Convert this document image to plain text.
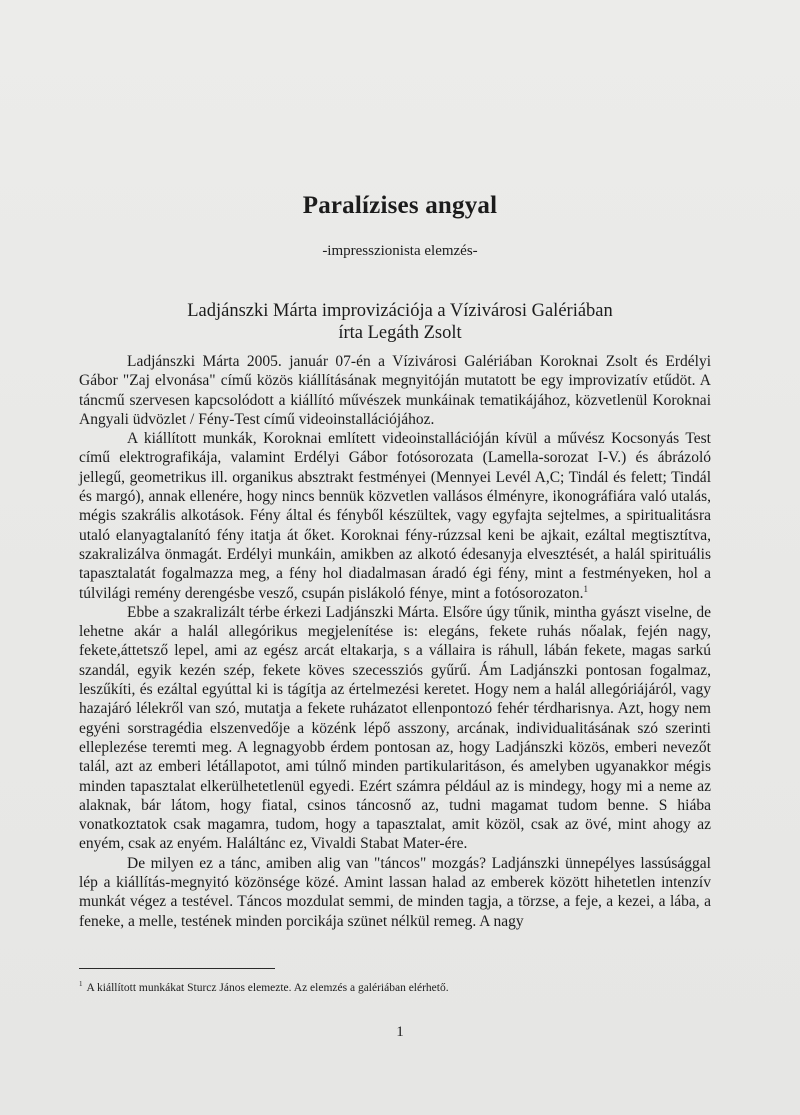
Paralízises angyal
-impresszionista elemzés-
Ladjánszki Márta improvizációja a Vízivárosi Galériában
írta Legáth Zsolt

Ladjánszki Márta 2005. január 07-én a Vízivárosi Galériában Koroknai Zsolt és Erdélyi Gábor "Zaj elvonása" című közös kiállításának megnyitóján mutatott be egy improvizatív etűdöt. A táncmű szervesen kapcsolódott a kiállító művészek munkáinak tematikájához, közvetlenül Koroknai Angyali üdvözlet / Fény-Test című videoinstallációjához.

A kiállított munkák, Koroknai említett videoinstallációján kívül a művész Kocsonyás Test című elektrografikája, valamint Erdélyi Gábor fotósorozata (Lamella-sorozat I-V.) és ábrázoló jellegű, geometrikus ill. organikus absztrakt festményei (Mennyei Levél A,C; Tindál és felett; Tindál és margó), annak ellenére, hogy nincs bennük közvetlen vallásos élményre, ikonográfiára való utalás, mégis szakrális alkotások. Fény által és fényből készültek, vagy egyfajta sejtelmes, a spiritualitásra utaló elanyagtalanító fény itatja át őket. Koroknai fény-rúzzsal keni be ajkait, ezáltal megtisztítva, szakralizálva önmagát. Erdélyi munkáin, amikben az alkotó édesanyja elvesztését, a halál spirituális tapasztalatát fogalmazza meg, a fény hol diadalmasan áradó égi fény, mint a festményeken, hol a túlvilági remény derengésbe vesző, csupán pislákoló fénye, mint a fotósorozaton.$^1$

Ebbe a szakralizált térbe érkezi Ladjánszki Márta. Elsőre úgy tűnik, mintha gyászt viselne, de lehetne akár a halál allegórikus megjelenítése is: elegáns, fekete ruhás nőalak, fején nagy, fekete,áttetsző lepel, ami az egész arcát eltakarja, s a vállaira is ráhull, lábán fekete, magas sarkú szandál, egyik kezén szép, fekete köves szecessziós gyűrű. Ám Ladjánszki pontosan fogalmaz, leszűkíti, és ezáltal egyúttal ki is tágítja az értelmezési keretet. Hogy nem a halál allegóriájáról, vagy hazajáró lélekről van szó, mutatja a fekete ruházatot ellenpontozó fehér térdharisnya. Azt, hogy nem egyéni sorstragédia elszenvedője a közénk lépő asszony, arcának, individualitásának szó szerinti elleplezése teremti meg. A legnagyobb érdem pontosan az, hogy Ladjánszki közös, emberi nevezőt talál, azt az emberi létállapotot, ami túlnő minden partikularitáson, és amelyben ugyanakkor mégis minden tapasztalat elkerülhetetlenül egyedi. Ezért számra például az is mindegy, hogy mi a neme az alaknak, bár látom, hogy fiatal, csinos táncosnő az, tudni magamat tudom benne. S hiába vonatkoztatok csak magamra, tudom, hogy a tapasztalat, amit közöl, csak az övé, mint ahogy az enyém, csak az enyém. Haláltánc ez, Vivaldi Stabat Mater-ére.

De milyen ez a tánc, amiben alig van "táncos" mozgás? Ladjánszki ünnepélyes lassúsággal lép a kiállítás-megnyitó közönsége közé. Amint lassan halad az emberek között hihetetlen intenzív munkát végez a testével. Táncos mozdulat semmi, de minden tagja, a törzse, a feje, a kezei, a lába, a feneke, a melle, testének minden porcikája szünet nélkül remeg. A nagy

$^1$ A kiállított munkákat Sturcz János elemezte. Az elemzés a galériában elérhető.
1
